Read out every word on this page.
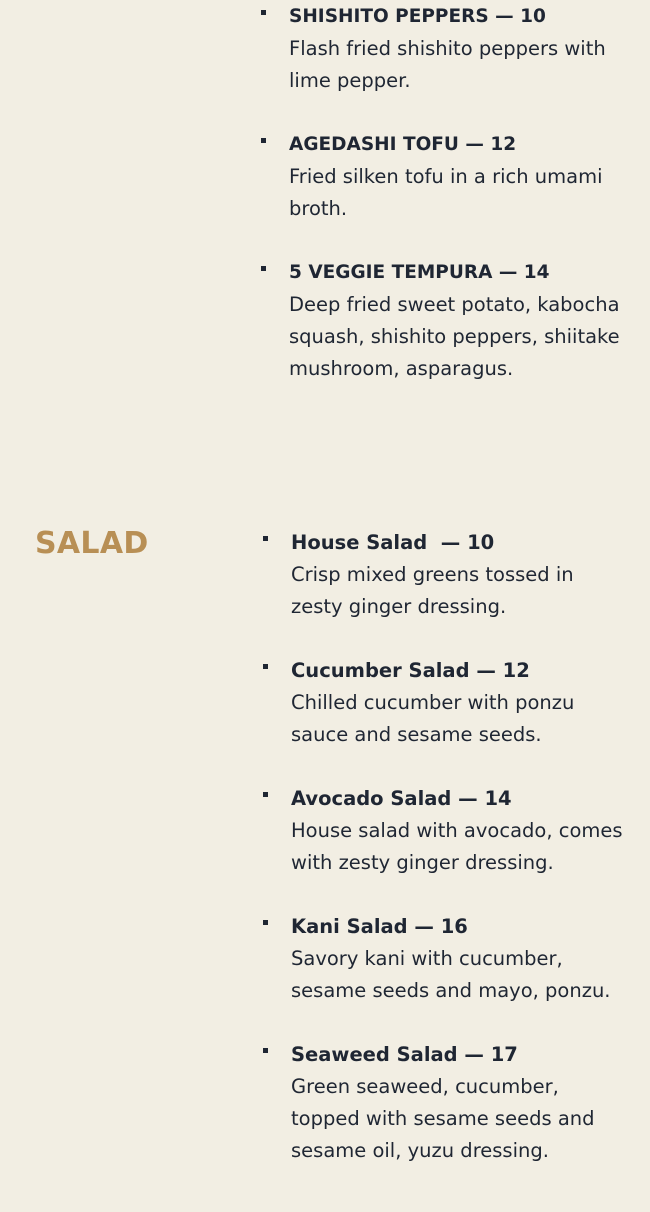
SHISHITO PEPPERS — 10

Flash fried shishito peppers with lime pepper.

AGEDASHI TOFU — 12

Fried silken tofu in a rich umami broth.

5 VEGGIE TEMPURA — 14

Deep fried sweet potato, kabocha squash, shishito peppers, shiitake mushroom, asparagus.

SALAD	House Salad  — 10

Crisp mixed greens tossed in zesty ginger dressing.

Cucumber Salad — 12

Chilled cucumber with ponzu sauce and sesame seeds.

Avocado Salad — 14

House salad with avocado, comes with zesty ginger dressing.

Kani Salad — 16

Savory kani with cucumber, sesame seeds and mayo, ponzu.

Seaweed Salad — 17

Green seaweed, cucumber, topped with sesame seeds and sesame oil, yuzu dressing.
